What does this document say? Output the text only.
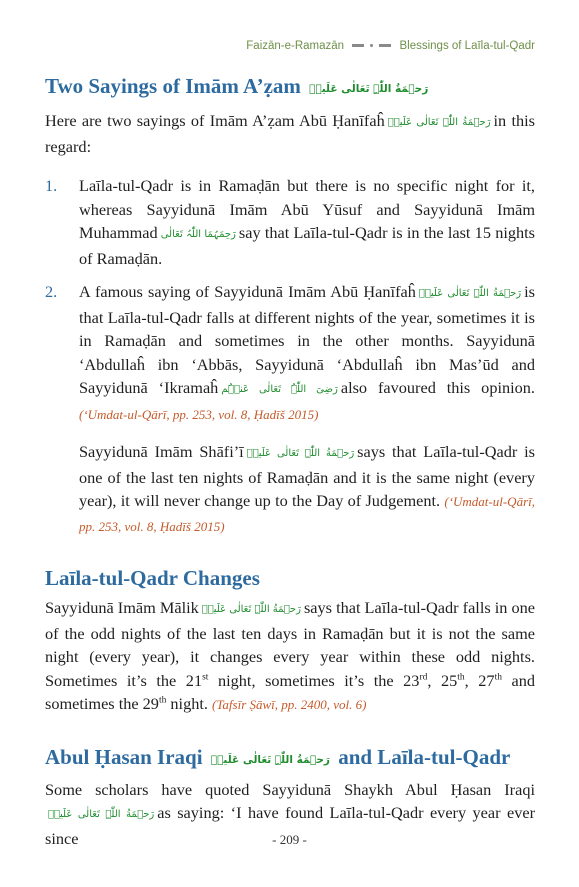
Faizān-e-Ramazān	Blessings of Laīla-tul-Qadr
Two Sayings of Imām A’ẓam رَحۡمَةُ اللّٰہِ تَعَالٰی عَلَیۡہ

Here are two sayings of Imām A’ẓam Abū Ḥanīfaĥ رَحۡمَةُ اللّٰہِ تَعَالٰی عَلَیۡہ in this regard:

1. Laīla-tul-Qadr is in Ramaḍān but there is no specific night for it, whereas Sayyidunā Imām Abū Yūsuf and Sayyidunā Imām Muhammad رَحِمَہُمَا اللّٰہُ تَعَالٰی say that Laīla-tul-Qadr is in the last 15 nights of Ramaḍān.
2. A famous saying of Sayyidunā Imām Abū Ḥanīfaĥ رَحۡمَةُ اللّٰہِ تَعَالٰی عَلَیۡہ is that Laīla-tul-Qadr falls at different nights of the year, sometimes it is in Ramaḍān and sometimes in the other months. Sayyidunā ‘Abdullaĥ ibn ‘Abbās, Sayyidunā ‘Abdullaĥ ibn Mas’ūd and Sayyidunā ‘Ikramaĥ رَضِیَ اللّٰہُ تَعَالٰی عَنۡہُم also favoured this opinion. (‘Umdat-ul-Qārī, pp. 253, vol. 8, Ḥadīš 2015)

Sayyidunā Imām Shāfi’ī رَحۡمَةُ اللّٰہِ تَعَالٰی عَلَیۡہ says that Laīla-tul-Qadr is one of the last ten nights of Ramaḍān and it is the same night (every year), it will never change up to the Day of Judgement. (‘Umdat-ul-Qārī, pp. 253, vol. 8, Ḥadīš 2015)

Laīla-tul-Qadr Changes

Sayyidunā Imām Mālik رَحۡمَةُ اللّٰہِ تَعَالٰی عَلَیۡہ says that Laīla-tul-Qadr falls in one of the odd nights of the last ten days in Ramaḍān but it is not the same night (every year), it changes every year within these odd nights. Sometimes it’s the 21st night, sometimes it’s the 23rd, 25th, 27th and sometimes the 29th night. (Tafsīr Ṣāwī, pp. 2400, vol. 6)

Abul Ḥasan Iraqi رَحۡمَةُ اللّٰہِ تَعَالٰی عَلَیۡہ and Laīla-tul-Qadr

Some scholars have quoted Sayyidunā Shaykh Abul Ḥasan Iraqi رَحۡمَةُ اللّٰہِ تَعَالٰی عَلَیۡہ as saying: ‘I have found Laīla-tul-Qadr every year ever since	- 209 -
